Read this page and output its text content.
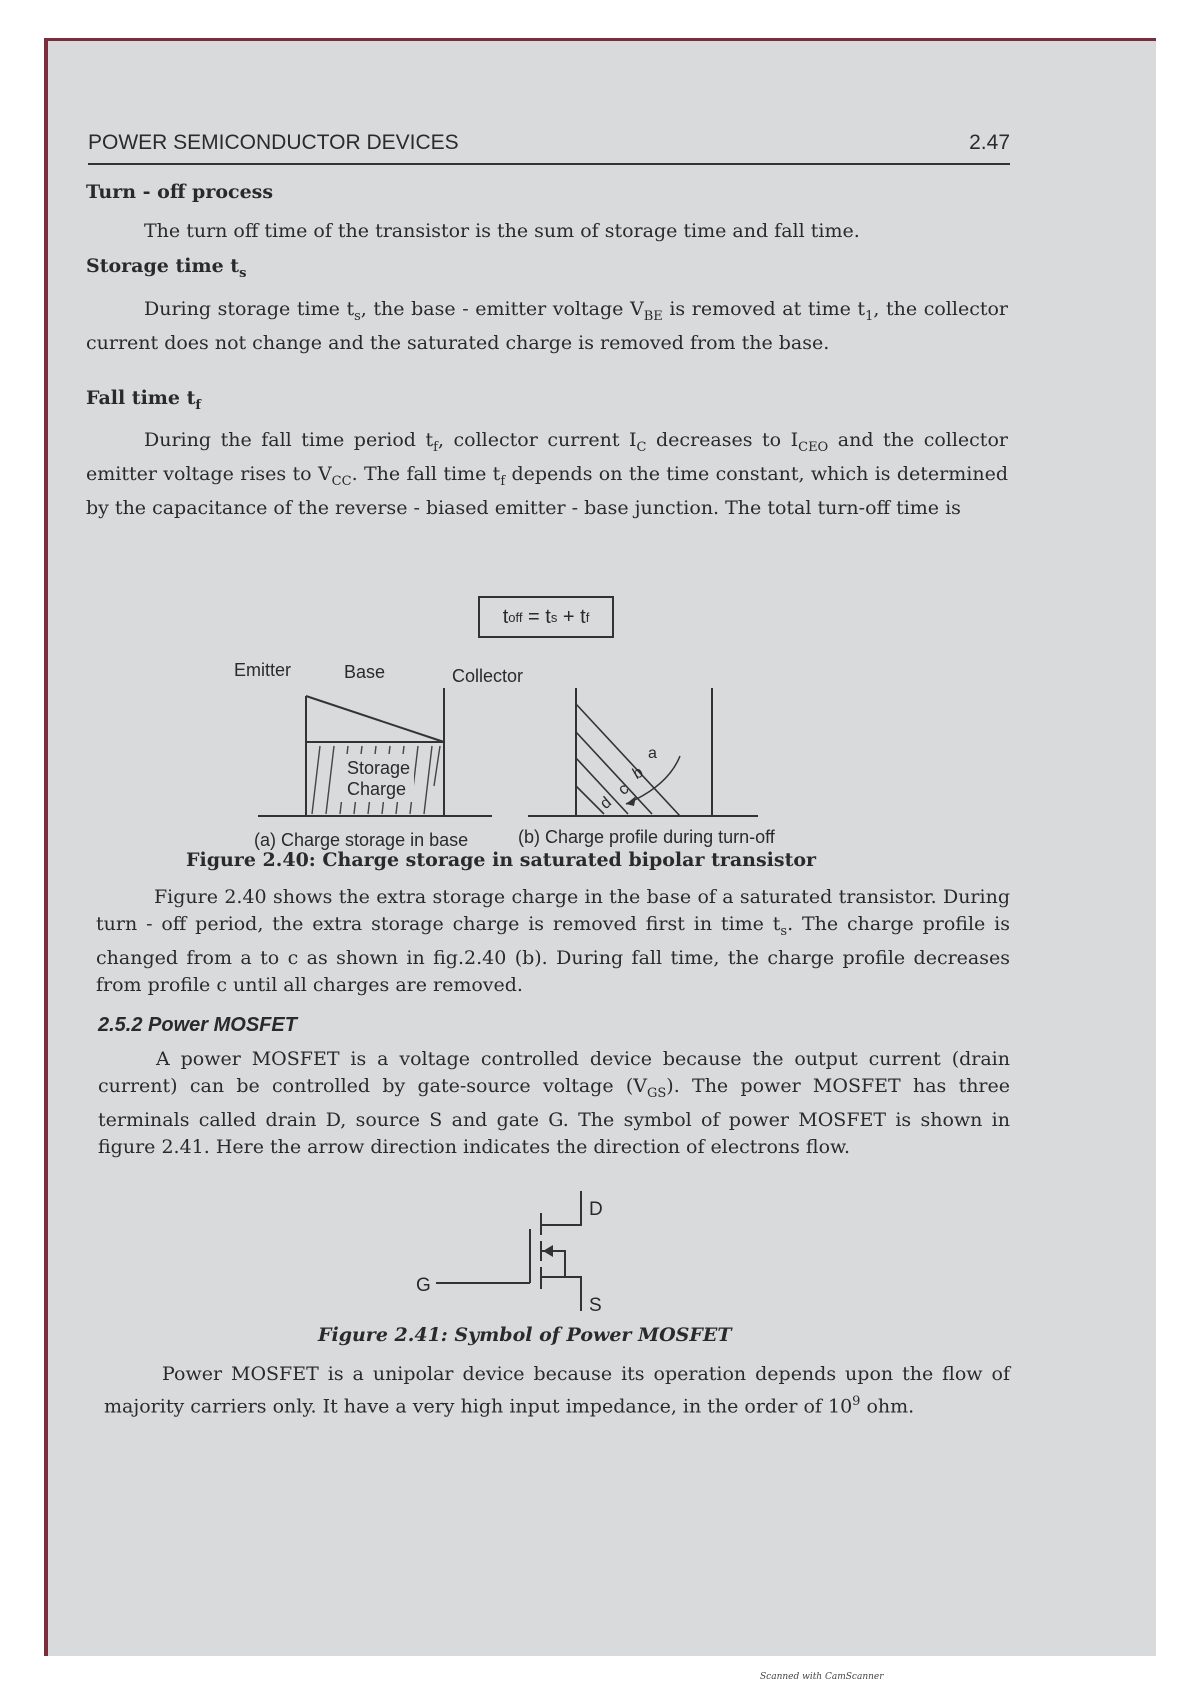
POWER SEMICONDUCTOR DEVICES	2.47
Turn - off process
The turn off time of the transistor is the sum of storage time and fall time.
Storage time $t_s$
During storage time $t_s$, the base - emitter voltage $V_{BE}$ is removed at time $t_1$, the collector current does not change and the saturated charge is removed from the base.
Fall time $t_f$
During the fall time period $t_f$, collector current $I_C$ decreases to $I_{CEO}$ and the collector emitter voltage rises to $V_{CC}$. The fall time $t_f$ depends on the time constant, which is determined by the capacitance of the reverse - biased emitter - base junction. The total turn-off time is
t off = t s + t f
Emitter	Base	Collector
Storage
Charge
a
b
c
d
(a) Charge storage in base	(b) Charge profile during turn-off
Figure 2.40: Charge storage in saturated bipolar transistor
Figure 2.40 shows the extra storage charge in the base of a saturated transistor. During turn - off period, the extra storage charge is removed first in time $t_s$. The charge profile is changed from a to c as shown in fig.2.40 (b). During fall time, the charge profile decreases from profile c until all charges are removed.
2.5.2 Power MOSFET
A power MOSFET is a voltage controlled device because the output current (drain current) can be controlled by gate-source voltage $(V_{GS})$. The power MOSFET has three terminals called drain D, source S and gate G. The symbol of power MOSFET is shown in figure 2.41. Here the arrow direction indicates the direction of electrons flow.
G
D
S
Figure 2.41: Symbol of Power MOSFET
Power MOSFET is a unipolar device because its operation depends upon the flow of majority carriers only. It have a very high input impedance, in the order of $10^9$ ohm.
Scanned with CamScanner
